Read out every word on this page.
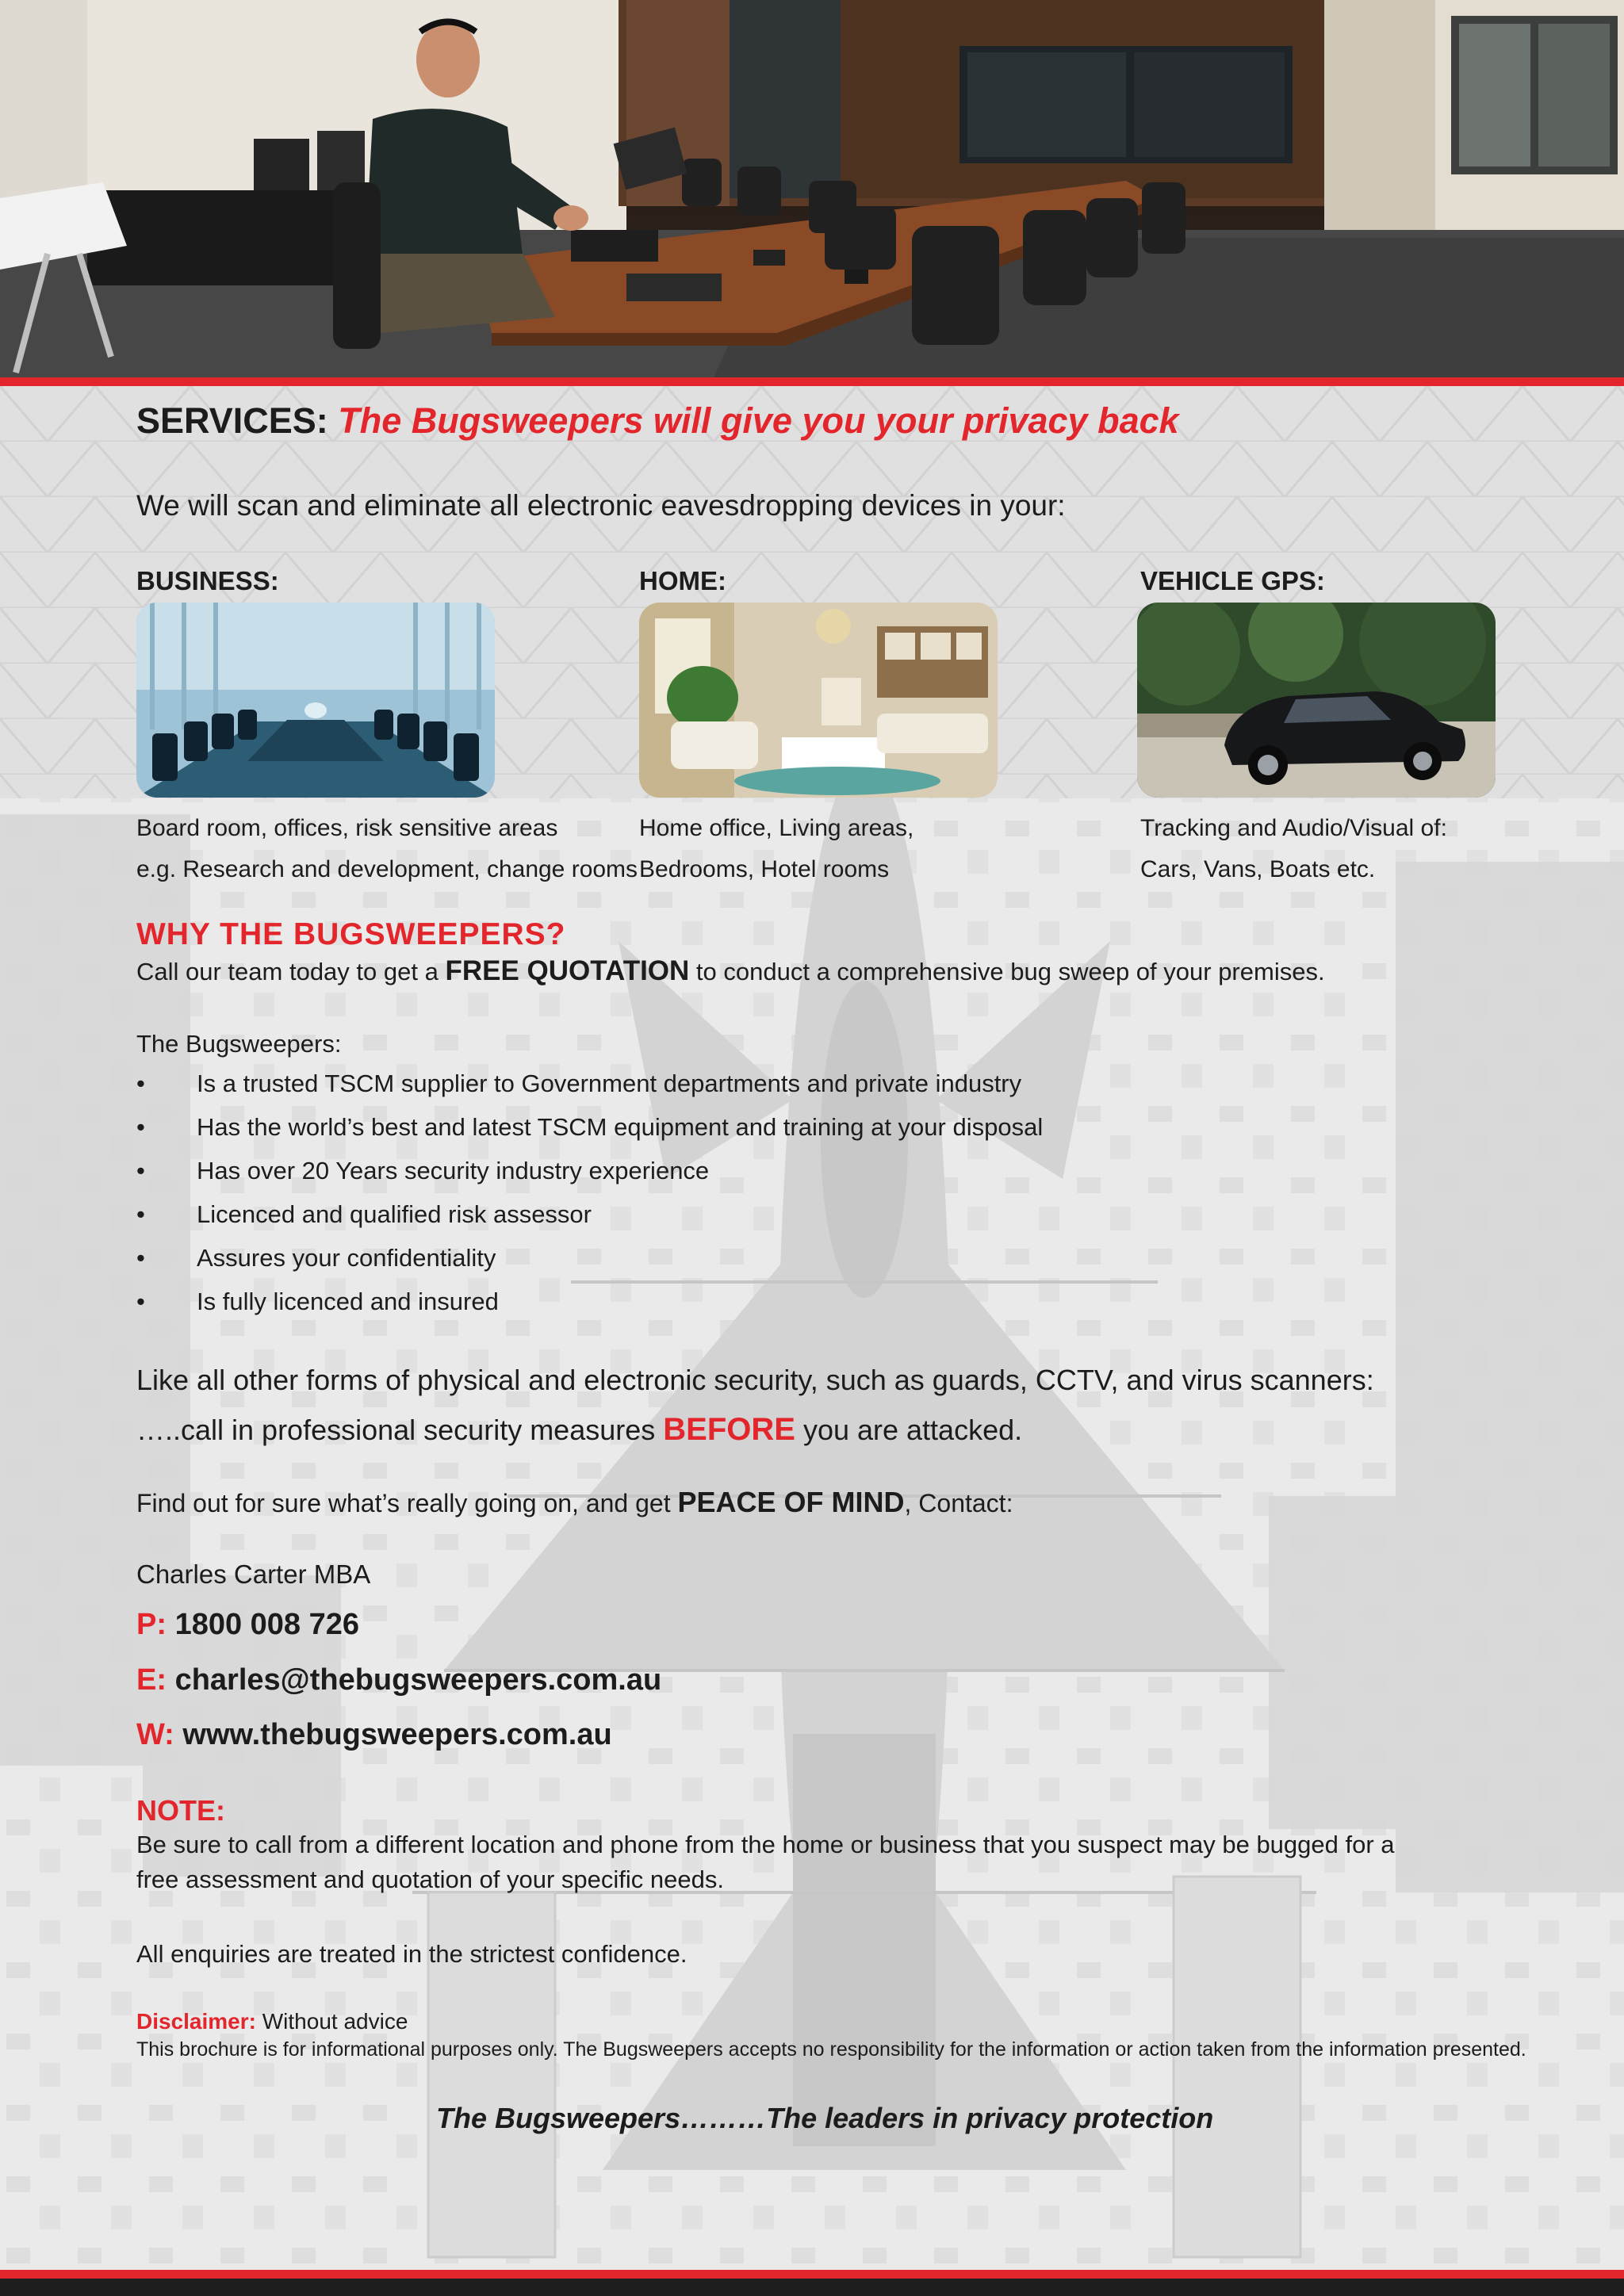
SERVICES: The Bugsweepers will give you your privacy back
We will scan and eliminate all electronic eavesdropping devices in your:
BUSINESS:	HOME:	VEHICLE GPS:
Board room, offices, risk sensitive areas
e.g. Research and development, change rooms
Home office, Living areas,
Bedrooms, Hotel rooms
Tracking and Audio/Visual of:
Cars, Vans, Boats etc.
WHY THE BUGSWEEPERS?
Call our team today to get a FREE QUOTATION to conduct a comprehensive bug sweep of your premises.
The Bugsweepers:
• Is a trusted TSCM supplier to Government departments and private industry
• Has the world’s best and latest TSCM equipment and training at your disposal
• Has over 20 Years security industry experience
• Licenced and qualified risk assessor
• Assures your confidentiality
• Is fully licenced and insured
Like all other forms of physical and electronic security, such as guards, CCTV, and virus scanners:
…..call in professional security measures BEFORE you are attacked.
Find out for sure what’s really going on, and get PEACE OF MIND, Contact:
Charles Carter MBA
P: 1800 008 726
E: charles@thebugsweepers.com.au
W: www.thebugsweepers.com.au
NOTE:
Be sure to call from a different location and phone from the home or business that you suspect may be bugged for a
free assessment and quotation of your specific needs.
All enquiries are treated in the strictest confidence.
Disclaimer: Without advice
This brochure is for informational purposes only. The Bugsweepers accepts no responsibility for the information or action taken from the information presented.
The Bugsweepers………The leaders in privacy protection
